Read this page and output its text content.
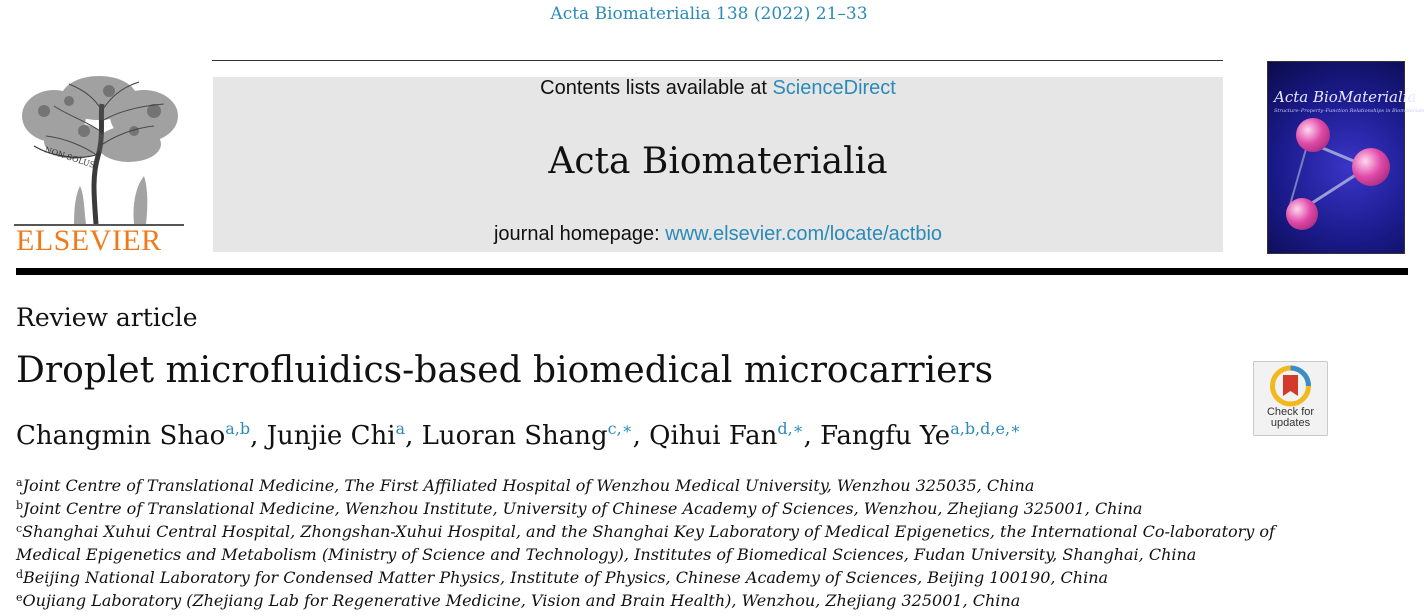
Acta Biomaterialia 138 (2022) 21–33
NON SOLUS
ELSEVIER
Contents lists available at ScienceDirect
Acta Biomaterialia
journal homepage: www.elsevier.com/locate/actbio
Acta BioMaterialia
Structure–Property–Function Relationships in Biomaterials
Review article
Droplet microfluidics-based biomedical microcarriers
Check for
updates
Changmin Shao$^{a,b}$, Junjie Chi$^a$, Luoran Shang$^{c,∗}$, Qihui Fan$^{d,∗}$, Fangfu $Ye^{a,b,d,e,∗}$
$^a$Joint Centre of Translational Medicine, The First Affiliated Hospital of Wenzhou Medical University, Wenzhou 325035, China
$^b$Joint Centre of Translational Medicine, Wenzhou Institute, University of Chinese Academy of Sciences, Wenzhou, Zhejiang 325001, China
$^c$Shanghai Xuhui Central Hospital, Zhongshan-Xuhui Hospital, and the Shanghai Key Laboratory of Medical Epigenetics, the International Co-laboratory of
Medical Epigenetics and Metabolism (Ministry of Science and Technology), Institutes of Biomedical Sciences, Fudan University, Shanghai, China
$^d$Beijing National Laboratory for Condensed Matter Physics, Institute of Physics, Chinese Academy of Sciences, Beijing 100190, China
$^e$Oujiang Laboratory (Zhejiang Lab for Regenerative Medicine, Vision and Brain Health), Wenzhou, Zhejiang 325001, China
